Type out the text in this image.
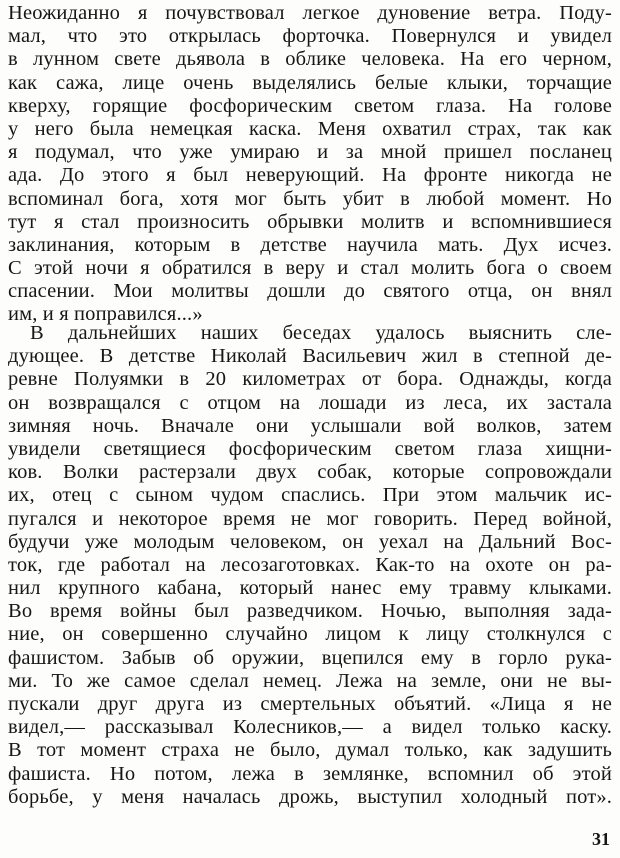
Неожиданно я почувствовал легкое дуновение ветра. Поду-
мал, что это открылась форточка. Повернулся и увидел
в лунном свете дьявола в облике человека. На его черном,
как сажа, лице очень выделялись белые клыки, торчащие
кверху, горящие фосфорическим светом глаза. На голове
у него была немецкая каска. Меня охватил страх, так как
я подумал, что уже умираю и за мной пришел посланец
ада. До этого я был неверующий. На фронте никогда не
вспоминал бога, хотя мог быть убит в любой момент. Но
тут я стал произносить обрывки молитв и вспомнившиеся
заклинания, которым в детстве научила мать. Дух исчез.
С этой ночи я обратился в веру и стал молить бога о своем
спасении. Мои молитвы дошли до святого отца, он внял
им, и я поправился...»
В дальнейших наших беседах удалось выяснить сле-
дующее. В детстве Николай Васильевич жил в степной де-
ревне Полуямки в 20 километрах от бора. Однажды, когда
он возвращался с отцом на лошади из леса, их застала
зимняя ночь. Вначале они услышали вой волков, затем
увидели светящиеся фосфорическим светом глаза хищни-
ков. Волки растерзали двух собак, которые сопровождали
их, отец с сыном чудом спаслись. При этом мальчик ис-
пугался и некоторое время не мог говорить. Перед войной,
будучи уже молодым человеком, он уехал на Дальний Вос-
ток, где работал на лесозаготовках. Как-то на охоте он ра-
нил крупного кабана, который нанес ему травму клыками.
Во время войны был разведчиком. Ночью, выполняя зада-
ние, он совершенно случайно лицом к лицу столкнулся с
фашистом. Забыв об оружии, вцепился ему в горло рука-
ми. То же самое сделал немец. Лежа на земле, они не вы-
пускали друг друга из смертельных объятий. «Лица я не
видел,— рассказывал Колесников,— а видел только каску.
В тот момент страха не было, думал только, как задушить
фашиста. Но потом, лежа в землянке, вспомнил об этой
борьбе, у меня началась дрожь, выступил холодный пот».
31
